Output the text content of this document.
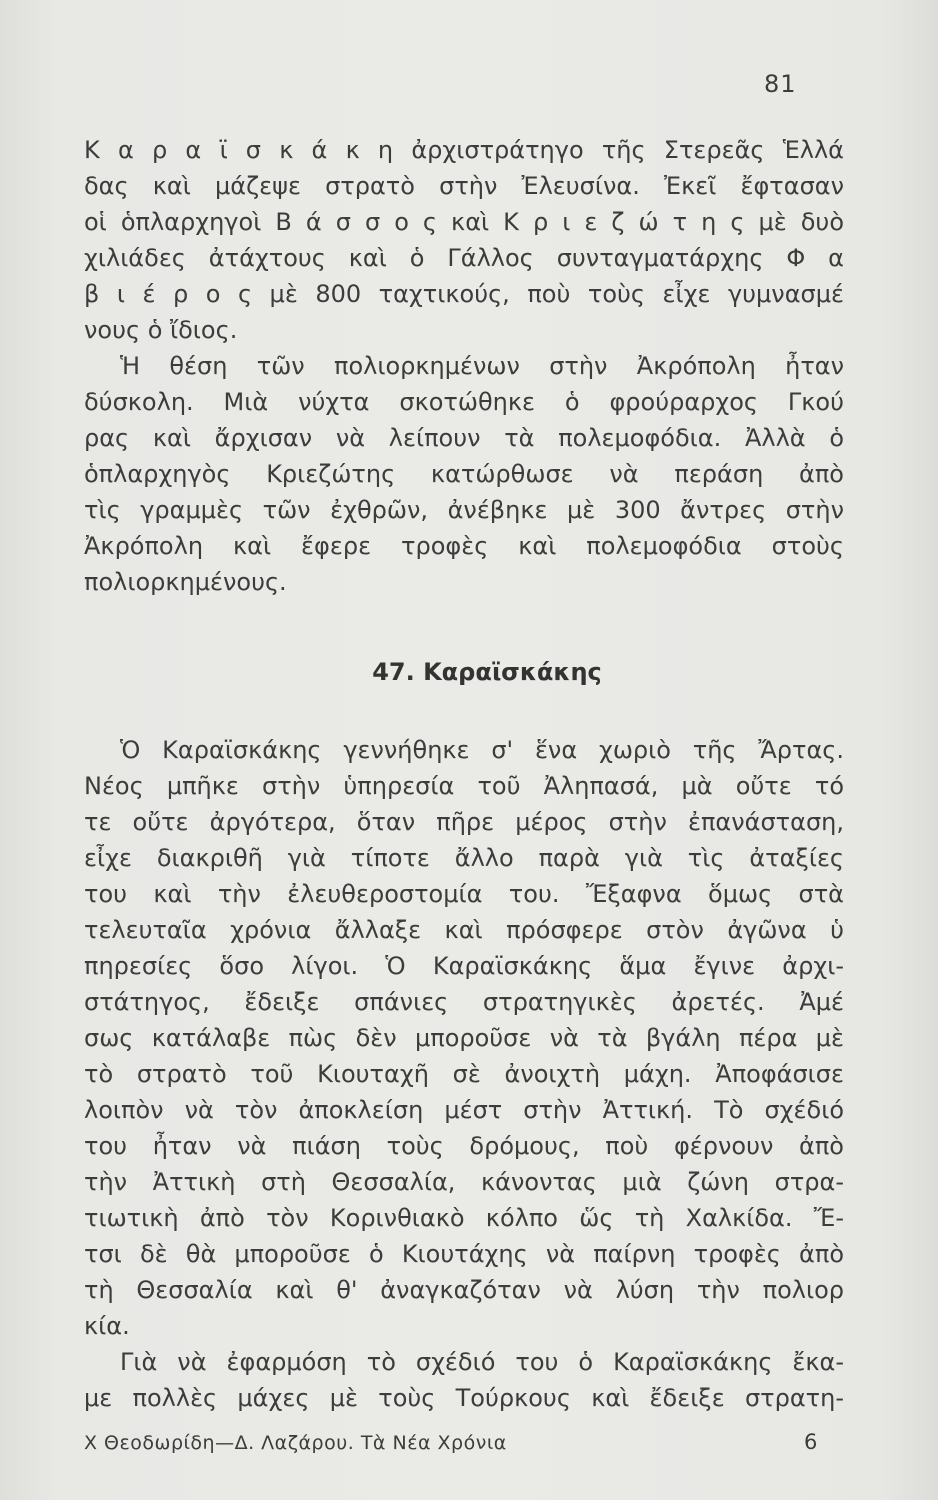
81
Κ α ρ α ϊ σ κ ά κ η ἀρχιστράτηγο τῆς Στερεᾶς Ἑλλά
δας καὶ μάζεψε στρατὸ στὴν Ἐλευσίνα. Ἐκεῖ ἔφτασαν
οἱ ὁπλαρχηγοὶ Β ά σ σ ο ς καὶ Κ ρ ι ε ζ ώ τ η ς μὲ δυὸ
χιλιάδες ἀτάχτους καὶ ὁ Γάλλος συνταγματάρχης Φ α
β ι έ ρ ο ς μὲ 800 ταχτικούς, ποὺ τοὺς εἶχε γυμνασμέ
νους ὁ ἴδιος.
Ἡ θέση τῶν πολιορκημένων στὴν Ἀκρόπολη ἦταν
δύσκολη. Μιὰ νύχτα σκοτώθηκε ὁ φρούραρχος Γκού
ρας καὶ ἄρχισαν νὰ λείπουν τὰ πολεμοφόδια. Ἀλλὰ ὁ
ὁπλαρχηγὸς Κριεζώτης κατώρθωσε νὰ περάση ἀπὸ
τὶς γραμμὲς τῶν ἐχθρῶν, ἀνέβηκε μὲ 300 ἄντρες στὴν
Ἀκρόπολη καὶ ἔφερε τροφὲς καὶ πολεμοφόδια στοὺς
πολιορκημένους.
47. Καραϊσκάκης
Ὁ Καραϊσκάκης γεννήθηκε σ' ἕνα χωριὸ τῆς Ἄρτας.
Νέος μπῆκε στὴν ὑπηρεσία τοῦ Ἀληπασά, μὰ οὔτε τό
τε οὔτε ἀργότερα, ὅταν πῆρε μέρος στὴν ἐπανάσταση,
εἶχε διακριθῆ γιὰ τίποτε ἄλλο παρὰ γιὰ τὶς ἀταξίες
του καὶ τὴν ἐλευθεροστομία του. Ἔξαφνα ὅμως στὰ
τελευταῖα χρόνια ἄλλαξε καὶ πρόσφερε στὸν ἀγῶνα ὑ
πηρεσίες ὅσο λίγοι. Ὁ Καραϊσκάκης ἅμα ἔγινε ἀρχι-
στάτηγος, ἔδειξε σπάνιες στρατηγικὲς ἀρετές. Ἀμέ
σως κατάλαβε πὼς δὲν μποροῦσε νὰ τὰ βγάλη πέρα μὲ
τὸ στρατὸ τοῦ Κιουταχῆ σὲ ἀνοιχτὴ μάχη. Ἀποφάσισε
λοιπὸν νὰ τὸν ἀποκλείση μέστ στὴν Ἀττική. Τὸ σχέδιό
του ἦταν νὰ πιάση τοὺς δρόμους, ποὺ φέρνουν ἀπὸ
τὴν Ἀττικὴ στὴ Θεσσαλία, κάνοντας μιὰ ζώνη στρα-
τιωτικὴ ἀπὸ τὸν Κορινθιακὸ κόλπο ὥς τὴ Χαλκίδα. Ἔ-
τσι δὲ θὰ μποροῦσε ὁ Κιουτάχης νὰ παίρνη τροφὲς ἀπὸ
τὴ Θεσσαλία καὶ θ' ἀναγκαζόταν νὰ λύση τὴν πολιορ
κία.
Γιὰ νὰ ἐφαρμόση τὸ σχέδιό του ὁ Καραϊσκάκης ἔκα-
με πολλὲς μάχες μὲ τοὺς Τούρκους καὶ ἔδειξε στρατη-
Χ Θεοδωρίδη—Δ. Λαζάρου. Τὰ Νέα Χρόνια	6
